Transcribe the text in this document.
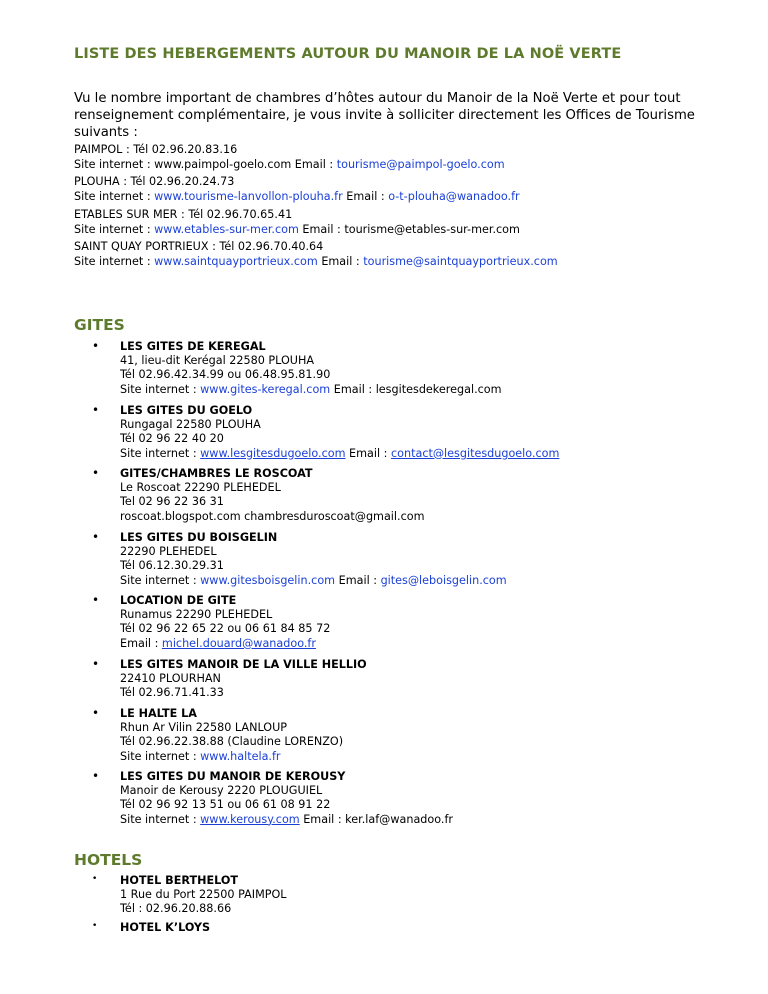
LISTE DES HEBERGEMENTS AUTOUR DU MANOIR DE LA NOË VERTE
Vu le nombre important de chambres d’hôtes autour du Manoir de la Noë Verte et pour tout renseignement complémentaire, je vous invite à solliciter directement les Offices de Tourisme suivants :
PAIMPOL : Tél 02.96.20.83.16
Site internet : www.paimpol-goelo.com Email : tourisme@paimpol-goelo.com
PLOUHA : Tél 02.96.20.24.73
Site internet : www.tourisme-lanvollon-plouha.fr Email : o-t-plouha@wanadoo.fr
ETABLES SUR MER : Tél 02.96.70.65.41
Site internet : www.etables-sur-mer.com Email : tourisme@etables-sur-mer.com
SAINT QUAY PORTRIEUX : Tél 02.96.70.40.64
Site internet : www.saintquayportrieux.com Email : tourisme@saintquayportrieux.com
GITES
• LES GITES DE KEREGAL
41, lieu-dit Kerégal 22580 PLOUHA
Tél 02.96.42.34.99 ou 06.48.95.81.90
Site internet : www.gites-keregal.com Email : lesgitesdekeregal.com
• LES GITES DU GOELO
Rungagal 22580 PLOUHA
Tél 02 96 22 40 20
Site internet : www.lesgitesdugoelo.com Email : contact@lesgitesdugoelo.com
• GITES/CHAMBRES LE ROSCOAT
Le Roscoat 22290 PLEHEDEL
Tel 02 96 22 36 31
roscoat.blogspot.com chambresduroscoat@gmail.com
• LES GITES DU BOISGELIN
22290 PLEHEDEL
Tél 06.12.30.29.31
Site internet : www.gitesboisgelin.com Email : gites@leboisgelin.com
• LOCATION DE GITE
Runamus 22290 PLEHEDEL
Tél 02 96 22 65 22 ou 06 61 84 85 72
Email : michel.douard@wanadoo.fr
• LES GITES MANOIR DE LA VILLE HELLIO
22410 PLOURHAN
Tél 02.96.71.41.33
• LE HALTE LA
Rhun Ar Vilin 22580 LANLOUP
Tél 02.96.22.38.88 (Claudine LORENZO)
Site internet : www.haltela.fr
• LES GITES DU MANOIR DE KEROUSY
Manoir de Kerousy 2220 PLOUGUIEL
Tél 02 96 92 13 51 ou 06 61 08 91 22
Site internet : www.kerousy.com Email : ker.laf@wanadoo.fr
HOTELS
• HOTEL BERTHELOT
1 Rue du Port 22500 PAIMPOL
Tél : 02.96.20.88.66
• HOTEL K’LOYS
